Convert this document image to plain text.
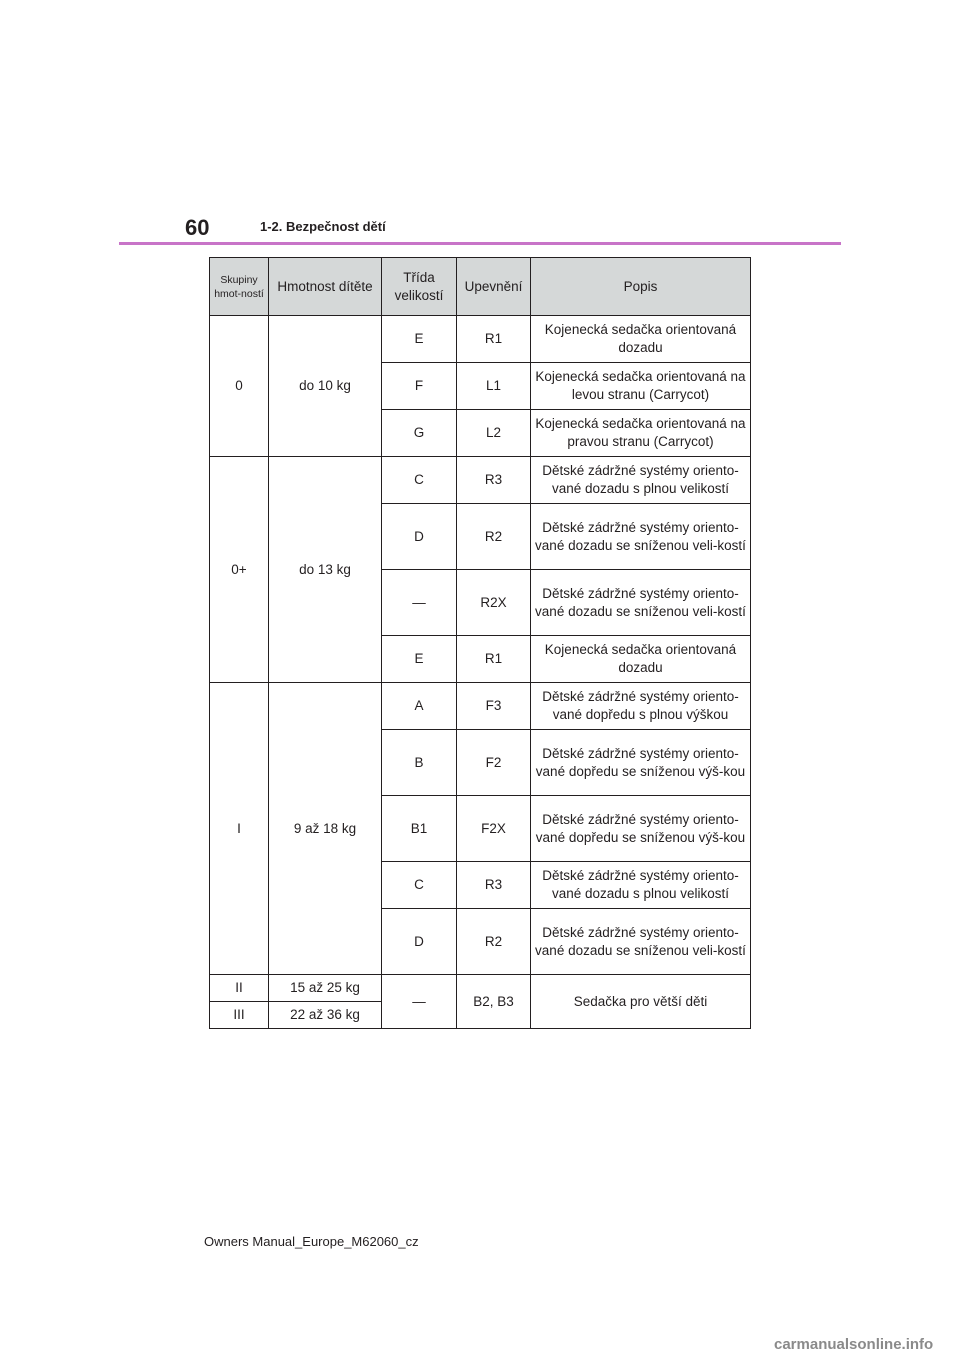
60	1-2. Bezpečnost dětí
Skupiny hmot-ností	Hmotnost dítěte	Třída velikostí	Upevnění	Popis
0	do 10 kg	E	R1	Kojenecká sedačka orientovaná dozadu
		F	L1	Kojenecká sedačka orientovaná na levou stranu (Carrycot)
		G	L2	Kojenecká sedačka orientovaná na pravou stranu (Carrycot)
0+	do 13 kg	C	R3	Dětské zádržné systémy oriento-vané dozadu s plnou velikostí
		D	R2	Dětské zádržné systémy oriento-vané dozadu se sníženou veli-kostí
		—	R2X	Dětské zádržné systémy oriento-vané dozadu se sníženou veli-kostí
		E	R1	Kojenecká sedačka orientovaná dozadu
I	9 až 18 kg	A	F3	Dětské zádržné systémy oriento-vané dopředu s plnou výškou
		B	F2	Dětské zádržné systémy oriento-vané dopředu se sníženou výš-kou
		B1	F2X	Dětské zádržné systémy oriento-vané dopředu se sníženou výš-kou
		C	R3	Dětské zádržné systémy oriento-vané dozadu s plnou velikostí
		D	R2	Dětské zádržné systémy oriento-vané dozadu se sníženou veli-kostí
II	15 až 25 kg	—	B2, B3	Sedačka pro větší děti
III	22 až 36 kg			
Owners Manual_Europe_M62060_cz
carmanualsonline.info
